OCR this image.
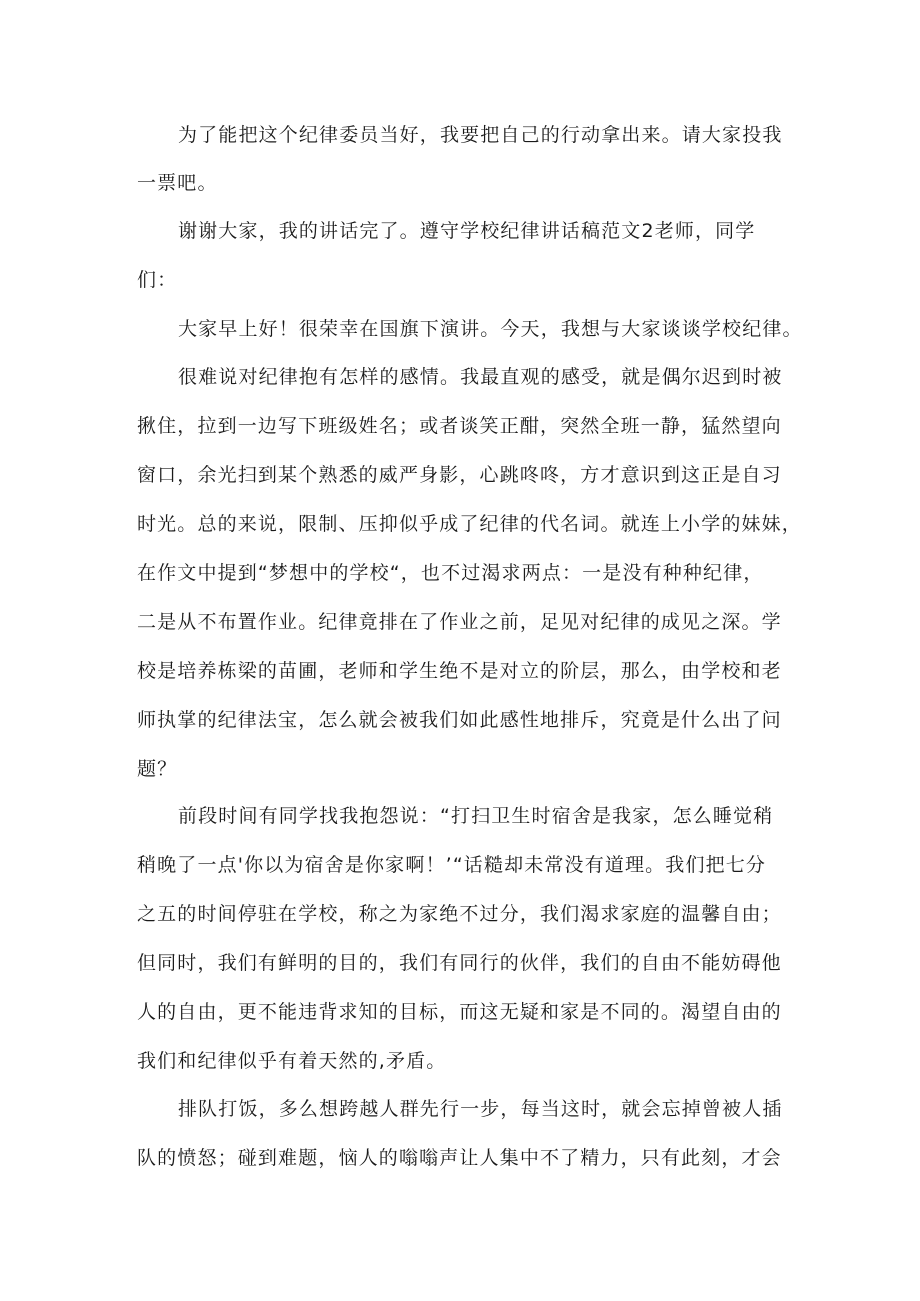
为了能把这个纪律委员当好，我要把自己的行动拿出来。请大家投我

一票吧。

谢谢大家，我的讲话完了。遵守学校纪律讲话稿范文2老师，同学

们：

大家早上好！很荣幸在国旗下演讲。今天，我想与大家谈谈学校纪律。

很难说对纪律抱有怎样的感情。我最直观的感受，就是偶尔迟到时被

揪住，拉到一边写下班级姓名；或者谈笑正酣，突然全班一静，猛然望向

窗口，余光扫到某个熟悉的威严身影，心跳咚咚，方才意识到这正是自习

时光。总的来说，限制、压抑似乎成了纪律的代名词。就连上小学的妹妹，

在作文中提到“梦想中的学校“，也不过渴求两点：一是没有种种纪律，

二是从不布置作业。纪律竟排在了作业之前，足见对纪律的成见之深。学

校是培养栋梁的苗圃，老师和学生绝不是对立的阶层，那么，由学校和老

师执掌的纪律法宝，怎么就会被我们如此感性地排斥，究竟是什么出了问

题？

前段时间有同学找我抱怨说：“打扫卫生时宿舍是我家，怎么睡觉稍

稍晚了一点'你以为宿舍是你家啊！’“话糙却未常没有道理。我们把七分

之五的时间停驻在学校，称之为家绝不过分，我们渴求家庭的温馨自由；

但同时，我们有鲜明的目的，我们有同行的伙伴，我们的自由不能妨碍他

人的自由，更不能违背求知的目标，而这无疑和家是不同的。渴望自由的

我们和纪律似乎有着天然的,矛盾。

排队打饭，多么想跨越人群先行一步，每当这时，就会忘掉曾被人插

队的愤怒；碰到难题，恼人的嗡嗡声让人集中不了精力，只有此刻，才会
